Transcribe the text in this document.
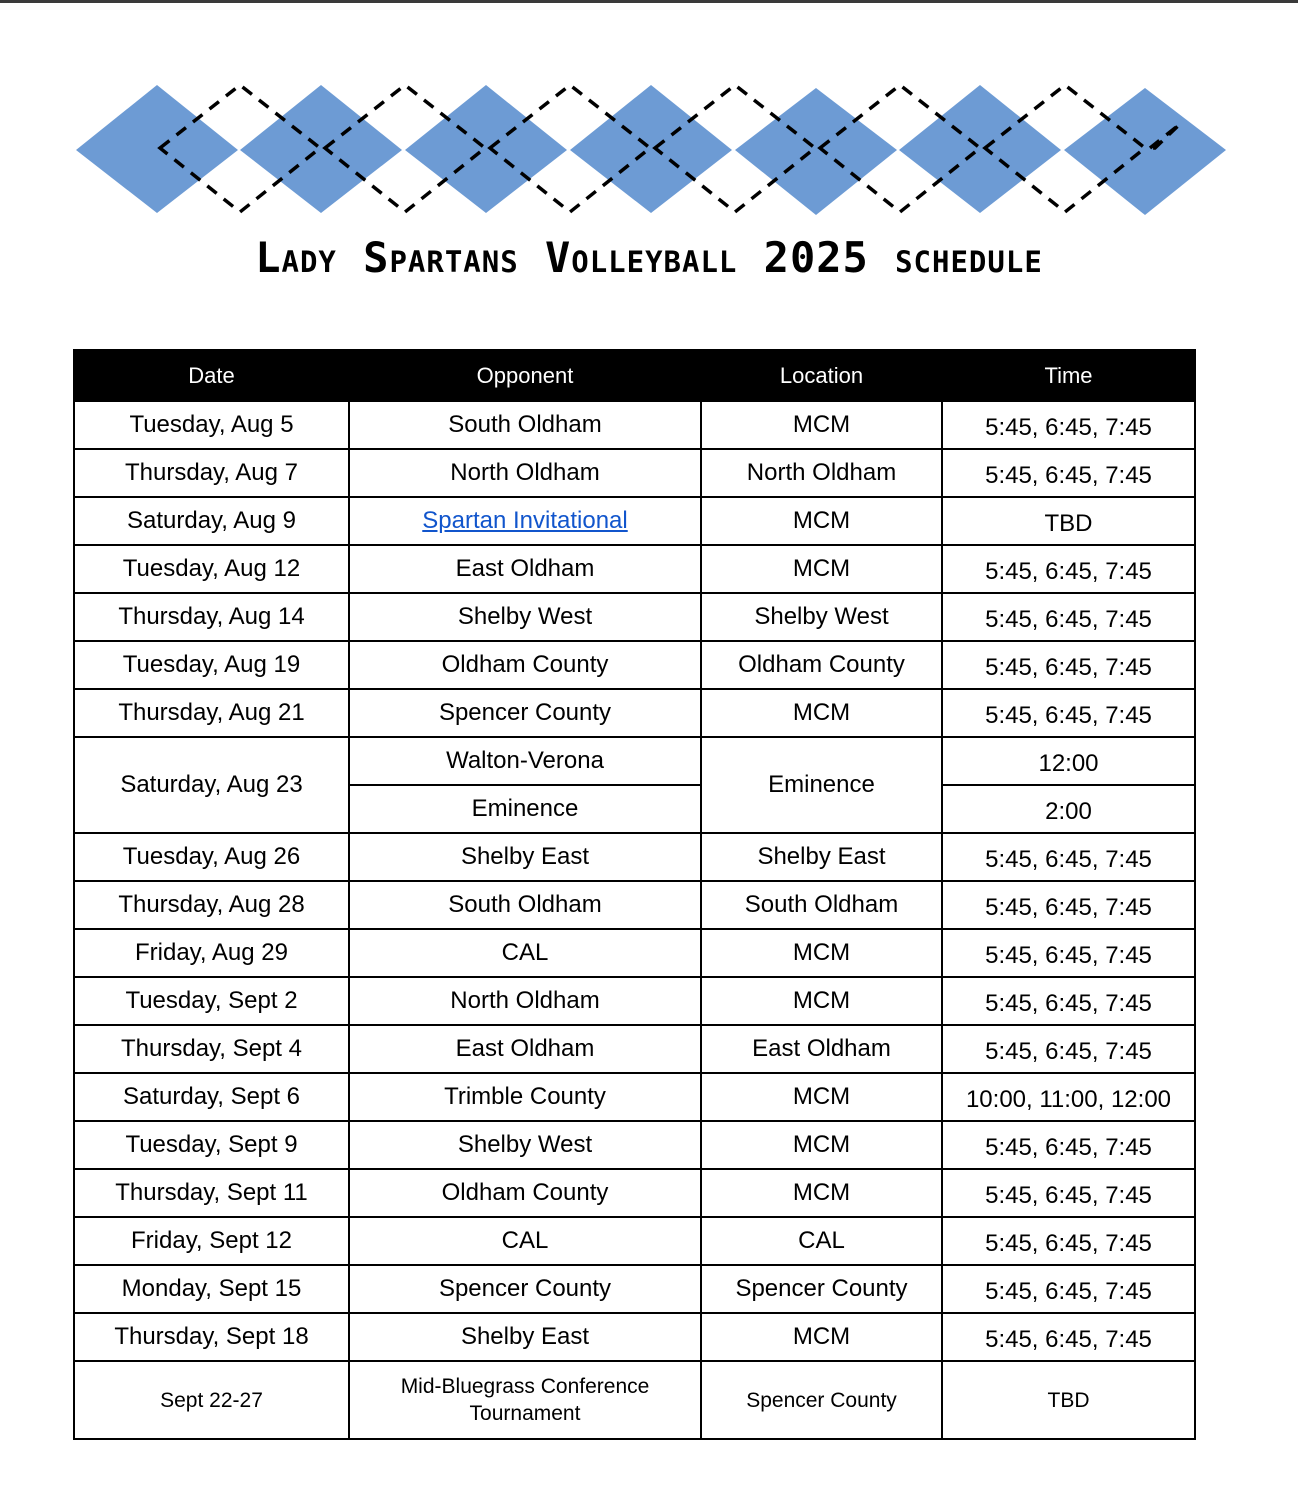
Lady Spartans Volleyball 2025 schedule
Date	Opponent	Location	Time
Tuesday, Aug 5	South Oldham	MCM	5:45, 6:45, 7:45
Thursday, Aug 7	North Oldham	North Oldham	5:45, 6:45, 7:45
Saturday, Aug 9	Spartan Invitational	MCM	TBD
Tuesday, Aug 12	East Oldham	MCM	5:45, 6:45, 7:45
Thursday, Aug 14	Shelby West	Shelby West	5:45, 6:45, 7:45
Tuesday, Aug 19	Oldham County	Oldham County	5:45, 6:45, 7:45
Thursday, Aug 21	Spencer County	MCM	5:45, 6:45, 7:45
Saturday, Aug 23	Walton-Verona	Eminence	12:00
	Eminence		2:00
Tuesday, Aug 26	Shelby East	Shelby East	5:45, 6:45, 7:45
Thursday, Aug 28	South Oldham	South Oldham	5:45, 6:45, 7:45
Friday, Aug 29	CAL	MCM	5:45, 6:45, 7:45
Tuesday, Sept 2	North Oldham	MCM	5:45, 6:45, 7:45
Thursday, Sept 4	East Oldham	East Oldham	5:45, 6:45, 7:45
Saturday, Sept 6	Trimble County	MCM	10:00, 11:00, 12:00
Tuesday, Sept 9	Shelby West	MCM	5:45, 6:45, 7:45
Thursday, Sept 11	Oldham County	MCM	5:45, 6:45, 7:45
Friday, Sept 12	CAL	CAL	5:45, 6:45, 7:45
Monday, Sept 15	Spencer County	Spencer County	5:45, 6:45, 7:45
Thursday, Sept 18	Shelby East	MCM	5:45, 6:45, 7:45
Sept 22-27	Mid-Bluegrass Conference Tournament	Spencer County	TBD
